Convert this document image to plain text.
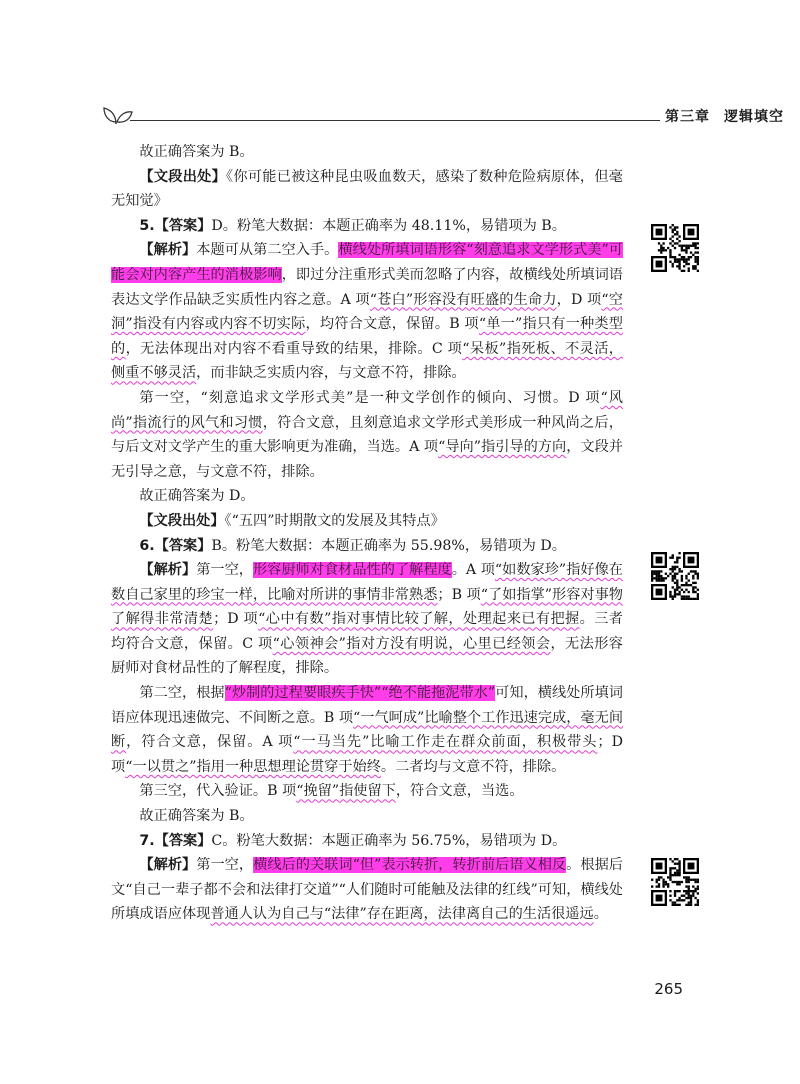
第三章 逻辑填空

故正确答案为 B。

【文段出处】《你可能已被这种昆虫吸血数天，感染了数种危险病原体，但毫无知觉》

5.【答案】D。粉笔大数据：本题正确率为 48.11%，易错项为 B。

【解析】本题可从第二空入手。横线处所填词语形容“刻意追求文学形式美”可能会对内容产生的消极影响，即过分注重形式美而忽略了内容，故横线处所填词语表达文学作品缺乏实质性内容之意。A 项“苍白”形容没有旺盛的生命力，D 项“空洞”指没有内容或内容不切实际，均符合文意，保留。B 项“单一”指只有一种类型的，无法体现出对内容不看重导致的结果，排除。C 项“呆板”指死板、不灵活，侧重不够灵活，而非缺乏实质内容，与文意不符，排除。

第一空，“刻意追求文学形式美”是一种文学创作的倾向、习惯。D 项“风尚”指流行的风气和习惯，符合文意，且刻意追求文学形式美形成一种风尚之后，与后文对文学产生的重大影响更为准确，当选。A 项“导向”指引导的方向，文段并无引导之意，与文意不符，排除。

故正确答案为 D。

【文段出处】《“五四”时期散文的发展及其特点》

6.【答案】B。粉笔大数据：本题正确率为 55.98%，易错项为 D。

【解析】第一空，形容厨师对食材品性的了解程度。A 项“如数家珍”指好像在数自己家里的珍宝一样，比喻对所讲的事情非常熟悉；B 项“了如指掌”形容对事物了解得非常清楚；D 项“心中有数”指对事情比较了解，处理起来已有把握。三者均符合文意，保留。C 项“心领神会”指对方没有明说，心里已经领会，无法形容厨师对食材品性的了解程度，排除。

第二空，根据“炒制的过程要眼疾手快”“绝不能拖泥带水”可知，横线处所填词语应体现迅速做完、不间断之意。B 项“一气呵成”比喻整个工作迅速完成，毫无间断，符合文意，保留。A 项“一马当先”比喻工作走在群众前面，积极带头；D 项“一以贯之”指用一种思想理论贯穿于始终。二者均与文意不符，排除。

第三空，代入验证。B 项“挽留”指使留下，符合文意，当选。

故正确答案为 B。

7.【答案】C。粉笔大数据：本题正确率为 56.75%，易错项为 D。

【解析】第一空，横线后的关联词“但”表示转折，转折前后语义相反。根据后文“自己一辈子都不会和法律打交道”“人们随时可能触及法律的红线”可知，横线处所填成语应体现普通人认为自己与“法律”存在距离，法律离自己的生活很遥远。

265
